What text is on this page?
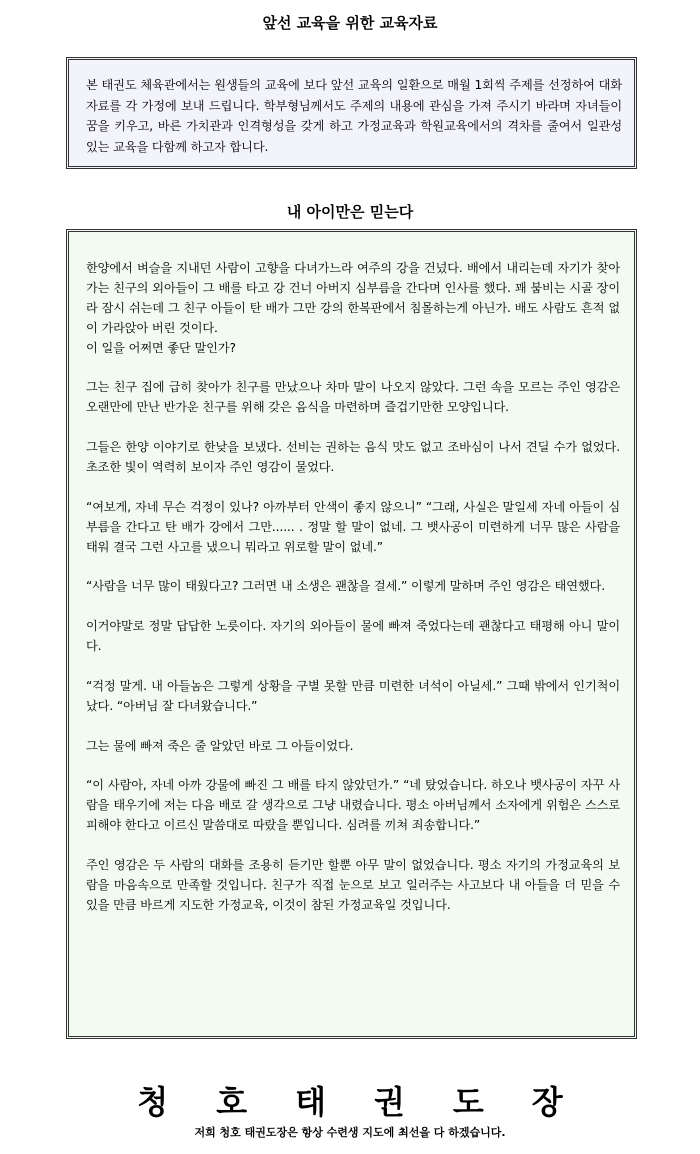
앞선 교육을 위한 교육자료
본 태권도 체육관에서는 원생들의 교육에 보다 앞선 교육의 일환으로 매월 1회씩 주제를 선정하여 대화자료를 각 가정에 보내 드립니다. 학부형님께서도 주제의 내용에 관심을 가져 주시기 바라며 자녀들이 꿈을 키우고, 바른 가치관과 인격형성을 갖게 하고 가정교육과 학원교육에서의 격차를 줄여서 일관성 있는 교육을 다함께 하고자 합니다.
내 아이만은 믿는다

한양에서 벼슬을 지내던 사람이 고향을 다녀가느라 여주의 강을 건넜다. 배에서 내리는데 자기가 찾아가는 친구의 외아들이 그 배를 타고 강 건너 아버지 심부름을 간다며 인사를 했다. 꽤 붐비는 시골 장이라 잠시 쉬는데 그 친구 아들이 탄 배가 그만 강의 한복판에서 침몰하는게 아닌가. 배도 사람도 흔적 없이 가라앉아 버린 것이다.
이 일을 어쩌면 좋단 말인가?

그는 친구 집에 급히 찾아가 친구를 만났으나 차마 말이 나오지 않았다. 그런 속을 모르는 주인 영감은 오랜만에 만난 반가운 친구를 위해 갖은 음식을 마련하며 즐겁기만한 모양입니다.

그들은 한양 이야기로 한낮을 보냈다. 선비는 권하는 음식 맛도 없고 조바심이 나서 견딜 수가 없었다. 초조한 빛이 역력히 보이자 주인 영감이 물었다.

“여보게, 자네 무슨 걱정이 있나? 아까부터 안색이 좋지 않으니” “그래, 사실은 말일세 자네 아들이 심부름을 간다고 탄 배가 강에서 그만...... . 정말 할 말이 없네. 그 뱃사공이 미련하게 너무 많은 사람을 태워 결국 그런 사고를 냈으니 뭐라고 위로할 말이 없네.”

“사람을 너무 많이 태웠다고? 그러면 내 소생은 괜찮을 걸세.” 이렇게 말하며 주인 영감은 태연했다.

이거야말로 정말 답답한 노릇이다. 자기의 외아들이 물에 빠져 죽었다는데 괜찮다고 태평해 아니 말이다.

“걱정 말게. 내 아들놈은 그렇게 상황을 구별 못할 만큼 미련한 녀석이 아닐세.” 그때 밖에서 인기척이 났다. “아버님 잘 다녀왔습니다.”

그는 물에 빠져 죽은 줄 알았던 바로 그 아들이었다.

“이 사람아, 자네 아까 강물에 빠진 그 배를 타지 않았던가.” “네 탔었습니다. 하오나 뱃사공이 자꾸 사람을 태우기에 저는 다음 배로 갈 생각으로 그냥 내렸습니다. 평소 아버님께서 소자에게 위험은 스스로 피해야 한다고 이르신 말씀대로 따랐을 뿐입니다. 심려를 끼쳐 죄송합니다.”

주인 영감은 두 사람의 대화를 조용히 듣기만 할뿐 아무 말이 없었습니다. 평소 자기의 가정교육의 보람을 마음속으로 만족할 것입니다. 친구가 직접 눈으로 보고 일러주는 사고보다 내 아들을 더 믿을 수 있을 만큼 바르게 지도한 가정교육, 이것이 참된 가정교육일 것입니다.

청호태권도장
저희 청호 태권도장은 항상 수련생 지도에 최선을 다 하겠습니다.
